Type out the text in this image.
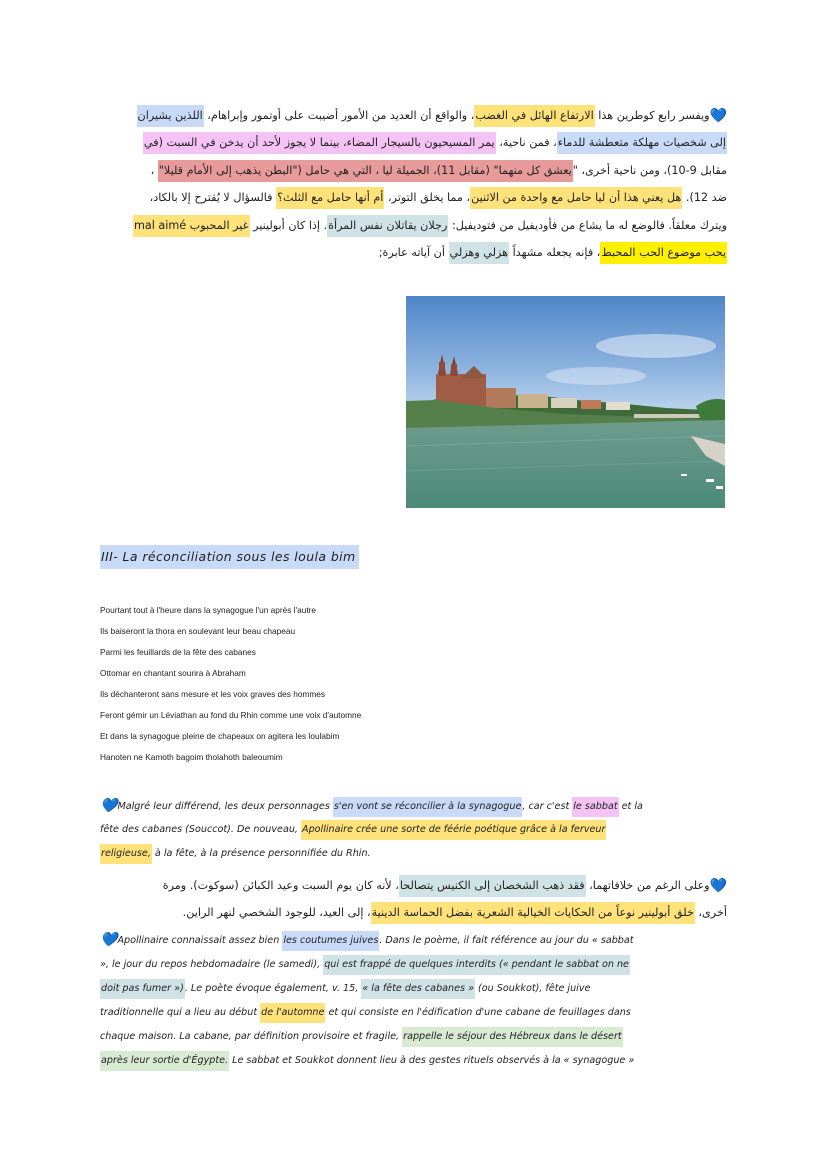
💙ويفسر رابع كوطرين هذا الارتفاع الهائل في الغضب، والواقع أن العديد من الأمور أضيبت على أوتمور وإبراهام، اللذين يشيران
إلى شخصيات مهلكة متعطشة للدماء، فمن ناحية، يمر المسيحيون بالسيجار المضاء، بينما لا يجوز لأحد أن يدخن في السبت (في
مقابل 9-10)، ومن ناحية أخرى، "يعشق كل منهما" (مقابل 11)، الجميلة ليا ، التي هي حامل ("البطن يذهب إلى الأمام قليلا" ،
ضد 12). هل يعني هذا أن ليا حامل مع واحدة من الاثنين، مما يخلق التوتر، أم أنها حامل مع الثلث؟ فالسؤال لا يُقترح إلا بالكاد،
ويترك معلقاً. فالوضع له ما يشاع من فأوديفيل من فتوديفيل: رجلان يقاتلان نفس المرأة. إذا كان أبولينير غير المحبوب mal aimé
يحب موضوع الحب المحبط، فإنه يجعله مشهداً هزلي وهزلي أن آياته عابرة;
III- La réconciliation sous les loula bim
Pourtant tout à l'heure dans la synagogue l'un après l'autre
Ils baiseront la thora en soulevant leur beau chapeau
Parmi les feuillards de la fête des cabanes
Ottomar en chantant sourira à Abraham
Ils déchanteront sans mesure et les voix graves des hommes
Feront gémir un Léviathan au fond du Rhin comme une voix d'automne
Et dans la synagogue pleine de chapeaux on agitera les loulabim
Hanoten ne Kamoth bagoim tholahoth baleoumim
💙Malgré leur différend, les deux personnages s'en vont se réconcilier à la synagogue, car c'est le sabbat et la
fête des cabanes (Souccot). De nouveau, Apollinaire crée une sorte de féérie poétique grâce à la ferveur
religieuse, à la fête, à la présence personnifiée du Rhin.
💙وعلى الرغم من خلافاتهما، فقد ذهب الشخصان إلى الكنيس يتصالحا، لأنه كان يوم السبت وعيد الكبائن (سوكوت). ومرة
أخرى، خلق أبولينير نوعاً من الحكايات الخيالية الشعرية بفضل الحماسة الدينية، إلى العيد، للوجود الشخصي لنهر الراين.
💙Apollinaire connaissait assez bien les coutumes juives. Dans le poème, il fait référence au jour du « sabbat
», le jour du repos hebdomadaire (le samedi), qui est frappé de quelques interdits (« pendant le sabbat on ne
doit pas fumer »). Le poète évoque également, v. 15, « la fête des cabanes » (ou Soukkot), fête juive
traditionnelle qui a lieu au début de l'automne et qui consiste en l'édification d'une cabane de feuillages dans
chaque maison. La cabane, par définition provisoire et fragile, rappelle le séjour des Hébreux dans le désert
après leur sortie d'Égypte. Le sabbat et Soukkot donnent lieu à des gestes rituels observés à la « synagogue »
